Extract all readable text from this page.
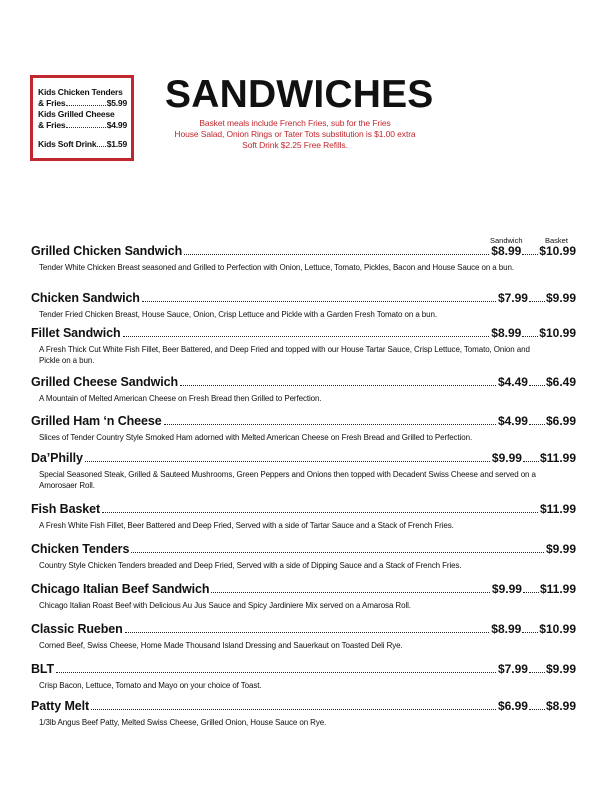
Kids Chicken Tenders
& Fries	$5.99
Kids Grilled Cheese
& Fries	$4.99
Kids Soft Drink $1.59
SANDWICHES
Basket meals include French Fries, sub for the Fries
House Salad, Onion Rings or Tater Tots substitution is $1.00 extra
Soft Drink $2.25 Free Refills.
Sandwich	Basket
Grilled Chicken Sandwich	$8.99 $10.99
Tender White Chicken Breast seasoned and Grilled to Perfection with Onion, Lettuce, Tomato, Pickles, Bacon and House Sauce on a bun.
Chicken Sandwich	$7.99 $9.99
Tender Fried Chicken Breast, House Sauce, Onion, Crisp Lettuce and Pickle with a Garden Fresh Tomato on a bun.
Fillet Sandwich	$8.99 $10.99
A Fresh Thick Cut White Fish Fillet, Beer Battered, and Deep Fried and topped with our House Tartar Sauce, Crisp Lettuce, Tomato, Onion and Pickle on a bun.
Grilled Cheese Sandwich	$4.49 $6.49
A Mountain of Melted American Cheese on Fresh Bread then Grilled to Perfection.
Grilled Ham ‘n Cheese	$4.99 $6.99
Slices of Tender Country Style Smoked Ham adorned with Melted American Cheese on Fresh Bread and Grilled to Perfection.
Da’Philly	$9.99 $11.99
Special Seasoned Steak, Grilled & Sauteed Mushrooms, Green Peppers and Onions then topped with Decadent Swiss Cheese and served on a Amorosaer Roll.
Fish Basket	$11.99
A Fresh White Fish Fillet, Beer Battered and Deep Fried, Served with a side of Tartar Sauce and a Stack of French Fries.
Chicken Tenders	$9.99
Country Style Chicken Tenders breaded and Deep Fried, Served with a side of Dipping Sauce and a Stack of French Fries.
Chicago Italian Beef Sandwich	$9.99 $11.99
Chicago Italian Roast Beef with Delicious Au Jus Sauce and Spicy Jardiniere Mix served on a Amarosa Roll.
Classic Rueben	$8.99 $10.99
Corned Beef, Swiss Cheese, Home Made Thousand Island Dressing and Sauerkaut on Toasted Deli Rye.
BLT	$7.99 $9.99
Crisp Bacon, Lettuce, Tomato and Mayo on your choice of Toast.
Patty Melt	$6.99 $8.99
1/3lb Angus Beef Patty, Melted Swiss Cheese, Grilled Onion, House Sauce on Rye.
